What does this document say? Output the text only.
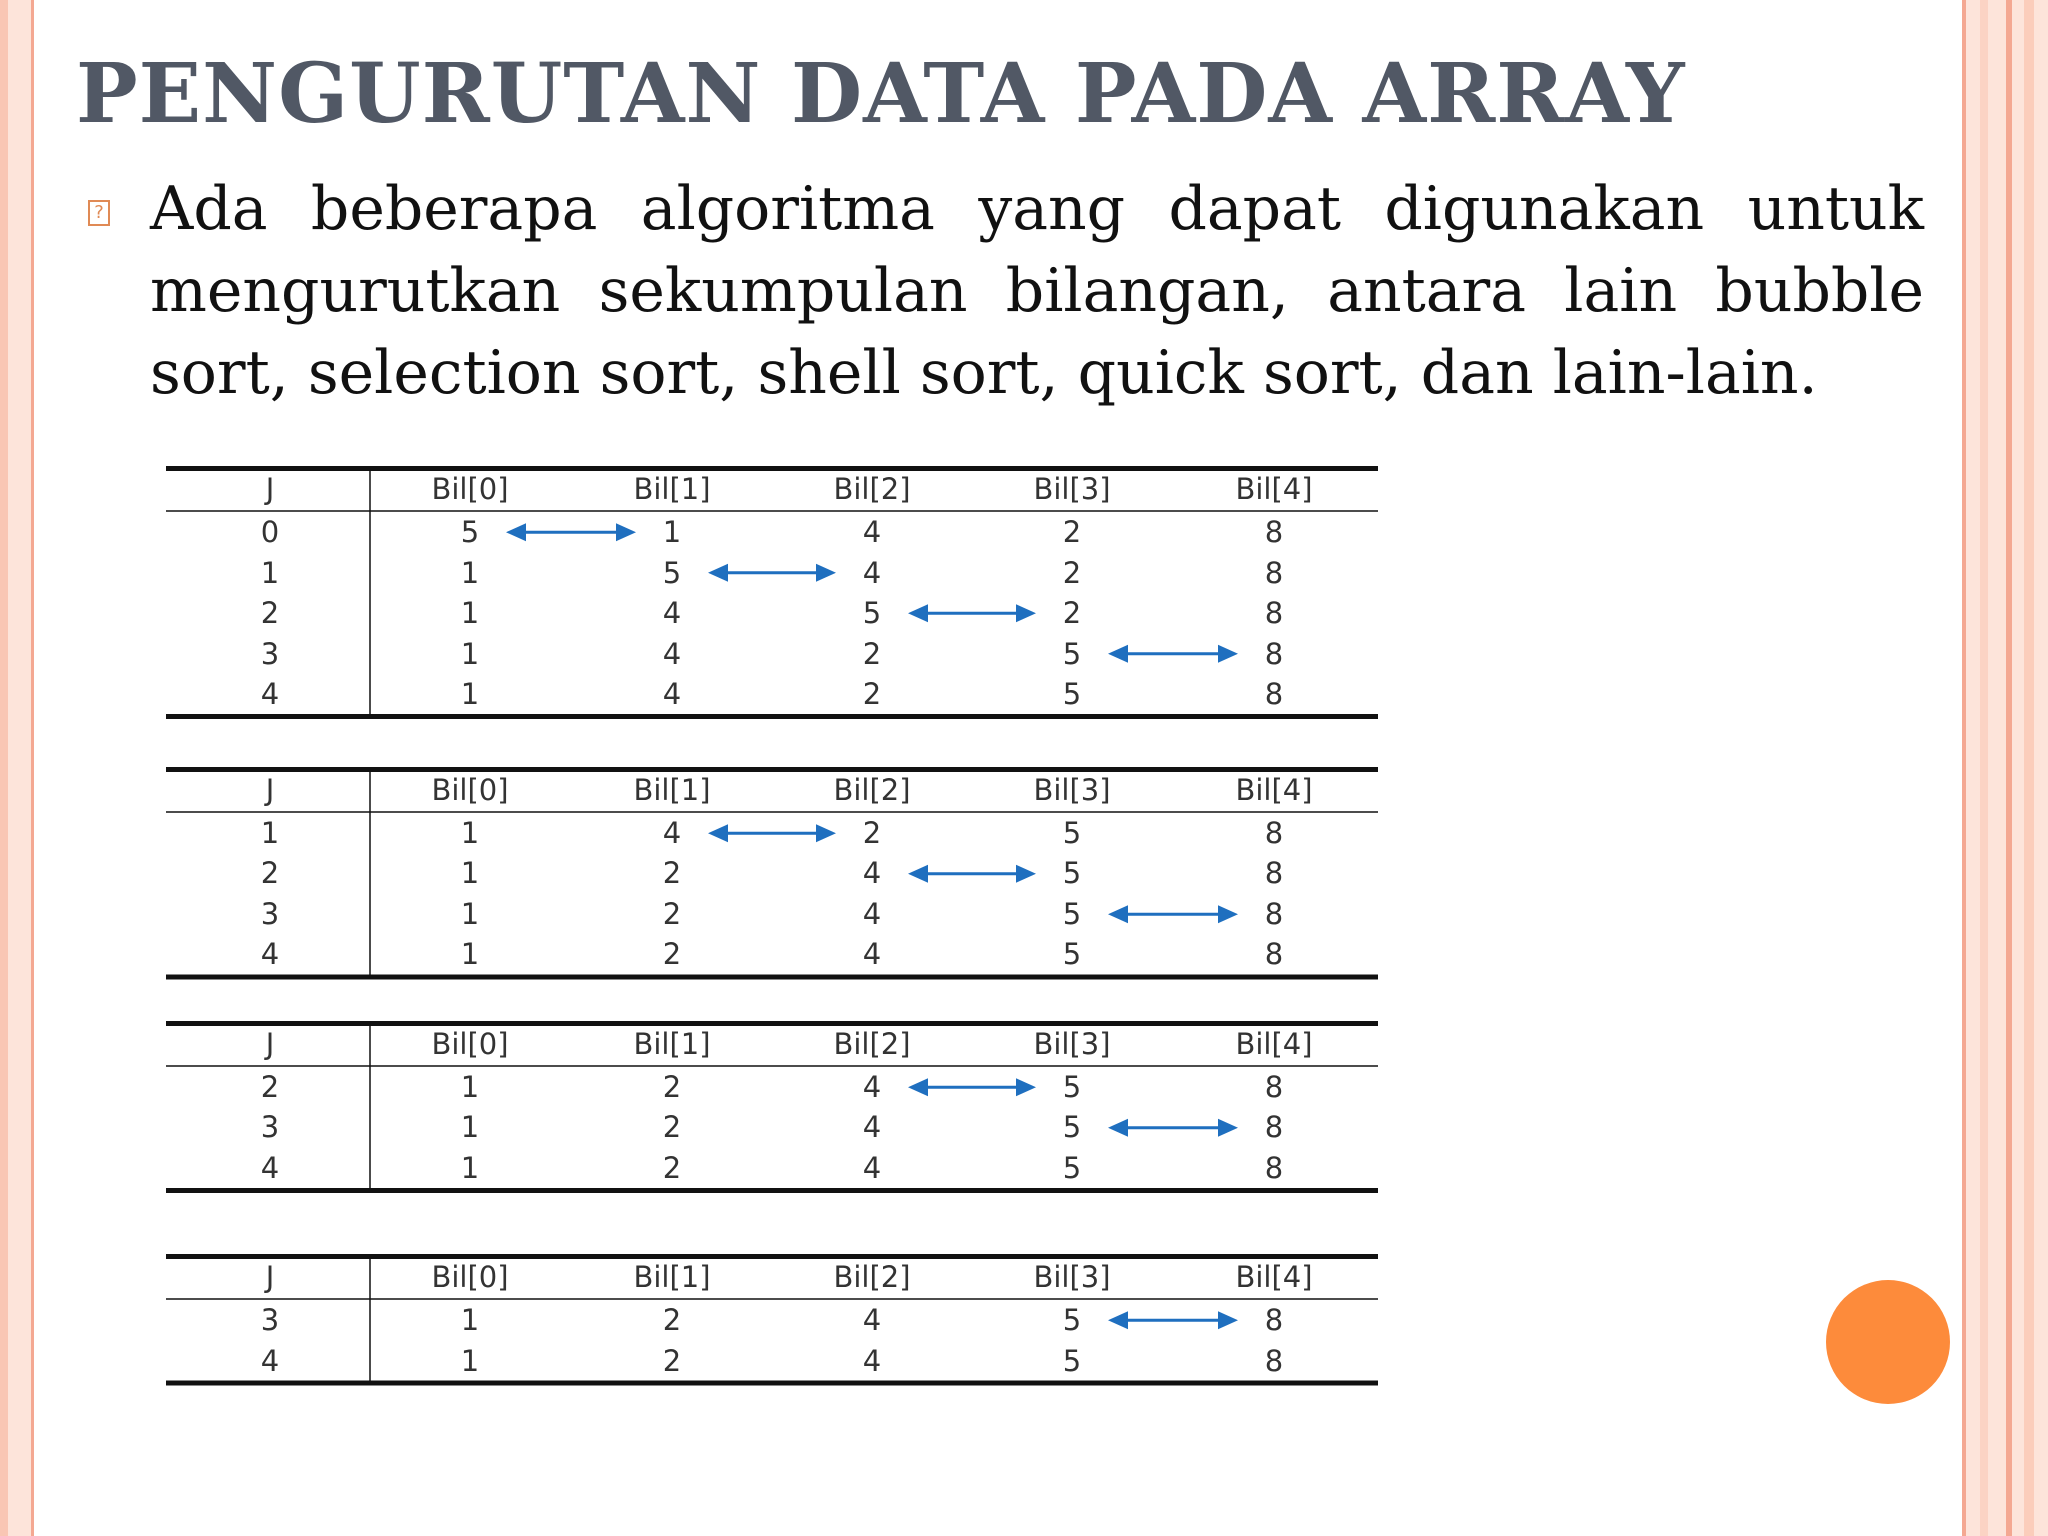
PENGURUTAN DATA PADA ARRAY
? Ada beberapa algoritma yang dapat digunakan untuk mengurutkan sekumpulan bilangan, antara lain bubble sort, selection sort, shell sort, quick sort, dan lain-lain.

J	Bil[0]	Bil[1]	Bil[2]	Bil[3]	Bil[4]
0	5	1	4	2	8
1	1	5	4	2	8
2	1	4	5	2	8
3	1	4	2	5	8
4	1	4	2	5	8
J	Bil[0]	Bil[1]	Bil[2]	Bil[3]	Bil[4]
1	1	4	2	5	8
2	1	2	4	5	8
3	1	2	4	5	8
4	1	2	4	5	8
J	Bil[0]	Bil[1]	Bil[2]	Bil[3]	Bil[4]
2	1	2	4	5	8
3	1	2	4	5	8
4	1	2	4	5	8
J	Bil[0]	Bil[1]	Bil[2]	Bil[3]	Bil[4]
3	1	2	4	5	8
4	1	2	4	5	8
